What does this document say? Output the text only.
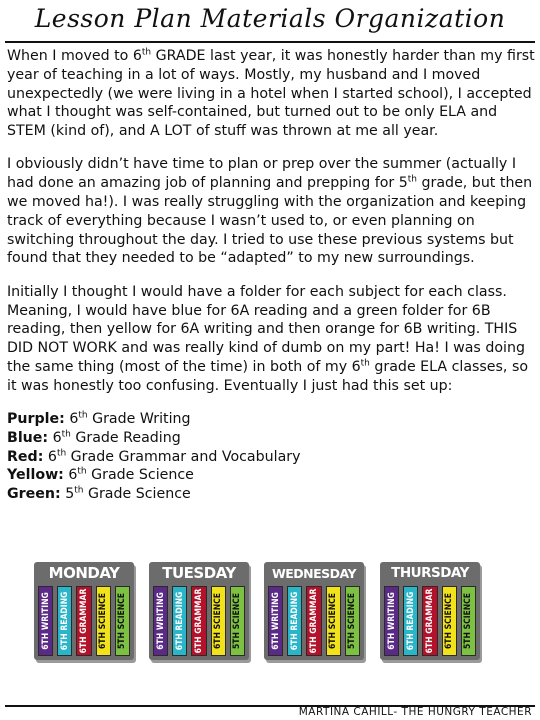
Lesson Plan Materials Organization

When I moved to 6th GRADE last year, it was honestly harder than my first year of teaching in a lot of ways. Mostly, my husband and I moved unexpectedly (we were living in a hotel when I started school), I accepted what I thought was self-contained, but turned out to be only ELA and STEM (kind of), and A LOT of stuff was thrown at me all year.

I obviously didn’t have time to plan or prep over the summer (actually I had done an amazing job of planning and prepping for 5th grade, but then we moved ha!). I was really struggling with the organization and keeping track of everything because I wasn’t used to, or even planning on switching throughout the day. I tried to use these previous systems but found that they needed to be “adapted” to my new surroundings.

Initially I thought I would have a folder for each subject for each class. Meaning, I would have blue for 6A reading and a green folder for 6B reading, then yellow for 6A writing and then orange for 6B writing. THIS DID NOT WORK and was really kind of dumb on my part! Ha! I was doing the same thing (most of the time) in both of my 6th grade ELA classes, so it was honestly too confusing. Eventually I just had this set up:

Purple: 6th Grade Writing
Blue: 6th Grade Reading
Red: 6th Grade Grammar and Vocabulary
Yellow: 6th Grade Science
Green: 5th Grade Science
MONDAY
6TH WRITING 6TH READING 6TH GRAMMAR 6TH SCIENCE 5TH SCIENCE
TUESDAY
6TH WRITING 6TH READING 6TH GRAMMAR 6TH SCIENCE 5TH SCIENCE
WEDNESDAY
6TH WRITING 6TH READING 6TH GRAMMAR 6TH SCIENCE 5TH SCIENCE
THURSDAY
6TH WRITING 6TH READING 6TH GRAMMAR 6TH SCIENCE 5TH SCIENCE
MARTINA CAHILL- THE HUNGRY TEACHER
